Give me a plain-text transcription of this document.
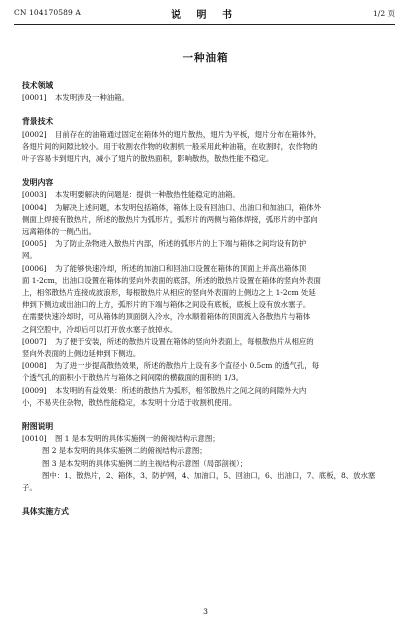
CN 104170589 A	说 明 书	1/2 页
一种油箱
技术领域
[0001] 本发明涉及一种油箱。
背景技术
[0002] 目前存在的油箱通过固定在箱体外的翅片散热，翅片为平板，翅片分布在箱体外，
各翅片间的间隙比较小。用于收割农作物的收割机一般采用此种油箱，在收割时，农作物的
叶子容易卡到翅片内，减小了翅片的散热面积，影响散热，散热性能不稳定。
发明内容
[0003] 本发明要解决的问题是：提供一种散热性能稳定的油箱。
[0004] 为解决上述问题，本发明包括箱体，箱体上设有回油口、出油口和加油口，箱体外
侧面上焊接有散热片，所述的散热片为弧形片，弧形片的两侧与箱体焊接，弧形片的中部向
远离箱体的一侧凸出。
[0005] 为了防止杂物进入散热片内部，所述的弧形片的上下端与箱体之间均设有防护
网。
[0006] 为了能够快速冷却，所述的加油口和回油口设置在箱体的顶面上并高出箱体顶
面 1-2cm，出油口设置在箱体的竖向外表面的底部，所述的散热片设置在箱体的竖向外表面
上，相邻散热片连接成波浪形，每根散热片从相应的竖向外表面的上侧边之上 1-2cm 处延
伸到下侧边或出油口的上方，弧形片的下端与箱体之间设有底板，底板上设有放水塞子。
在需要快速冷却时，可从箱体的顶面倒入冷水，冷水顺着箱体的顶面流入各散热片与箱体
之间空腔中，冷却后可以打开放水塞子放掉水。
[0007] 为了便于安装，所述的散热片设置在箱体的竖向外表面上，每根散热片从相应的
竖向外表面的上侧边延伸到下侧边。
[0008] 为了进一步提高散热效果，所述的散热片上设有多个直径小 0.5cm 的透气孔，每
个透气孔的面积小于散热片与箱体之间间隙的横截面的面积的 1/3。
[0009] 本发明的有益效果：所述的散热片为弧形，相邻散热片之间之间的间隙外大内
小，不易夹住杂物，散热性能稳定，本发明十分适于收割机使用。
附图说明
[0010] 图 1 是本发明的具体实施例一的俯视结构示意图；
图 2 是本发明的具体实施例二的俯视结构示意图；
图 3 是本发明的具体实施例二的主视结构示意图（局部剖视）；
图中：1、散热片，2、箱体，3、防护网，4、加油口，5、回油口，6、出油口，7、底板，8、放水塞
子。
具体实施方式
3
